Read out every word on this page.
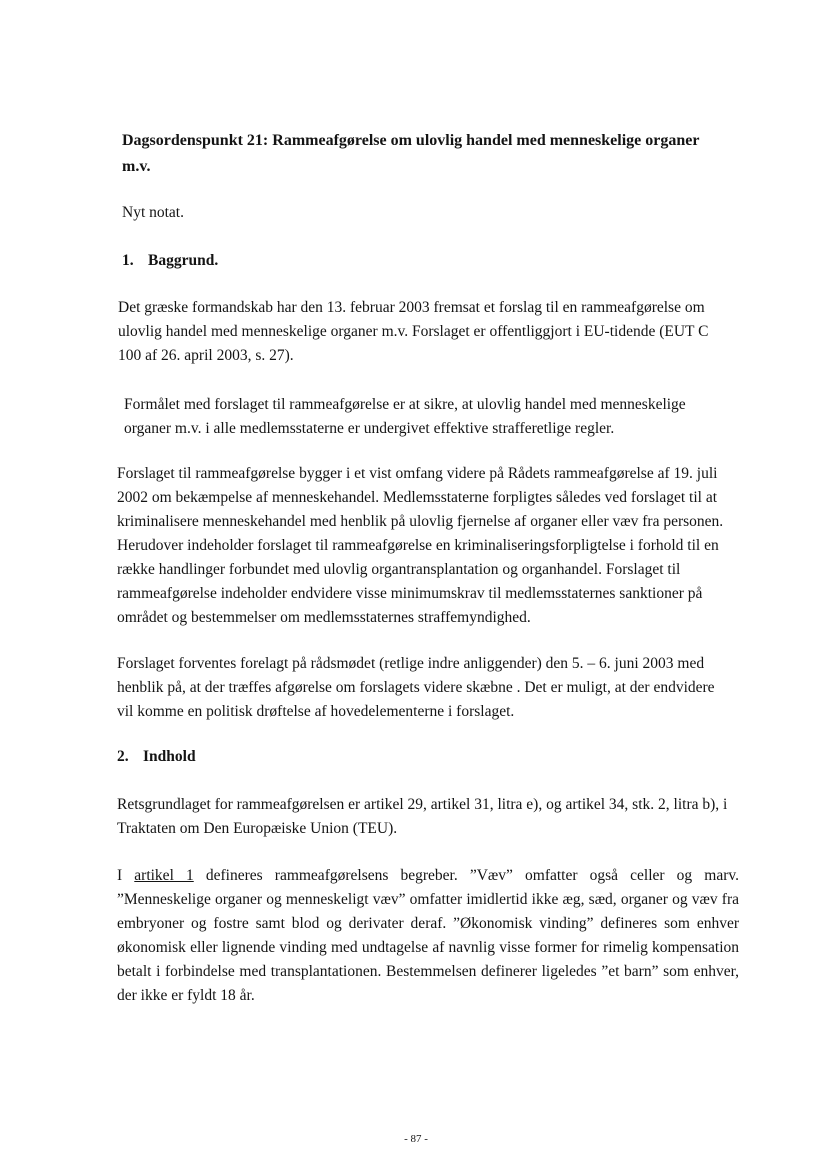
Dagsordenspunkt 21: Rammeafgørelse om ulovlig handel med menneskelige organer
m.v.

Nyt notat.

1. Baggrund.

Det græske formandskab har den 13. februar 2003 fremsat et forslag til en rammeafgørelse om ulovlig handel med menneskelige organer m.v. Forslaget er offentliggjort i EU-tidende (EUT C 100 af 26. april 2003, s. 27).

Formålet med forslaget til rammeafgørelse er at sikre, at ulovlig handel med menneskelige organer m.v. i alle medlemsstaterne er undergivet effektive strafferetlige regler.

Forslaget til rammeafgørelse bygger i et vist omfang videre på Rådets rammeafgørelse af 19. juli 2002 om bekæmpelse af menneskehandel. Medlemsstaterne forpligtes således ved forslaget til at kriminalisere menneskehandel med henblik på ulovlig fjernelse af organer eller væv fra personen. Herudover indeholder forslaget til rammeafgørelse en kriminaliseringsforpligtelse i forhold til en række handlinger forbundet med ulovlig organtransplantation og organhandel. Forslaget til rammeafgørelse indeholder endvidere visse minimumskrav til medlemsstaternes sanktioner på området og bestemmelser om medlemsstaternes straffemyndighed.

Forslaget forventes forelagt på rådsmødet (retlige indre anliggender) den 5. – 6. juni 2003 med henblik på, at der træffes afgørelse om forslagets videre skæbne . Det er muligt, at der endvidere vil komme en politisk drøftelse af hovedelementerne i forslaget.

2. Indhold

Retsgrundlaget for rammeafgørelsen er artikel 29, artikel 31, litra e), og artikel 34, stk. 2, litra b), i Traktaten om Den Europæiske Union (TEU).

I artikel 1 defineres rammeafgørelsens begreber. ”Væv” omfatter også celler og marv. ”Menneskelige organer og menneskeligt væv” omfatter imidlertid ikke æg, sæd, organer og væv fra embryoner og fostre samt blod og derivater deraf. ”Økonomisk vinding” defineres som enhver økonomisk eller lignende vinding med undtagelse af navnlig visse former for rimelig kompensation betalt i forbindelse med transplantationen. Bestemmelsen definerer ligeledes ”et barn” som enhver, der ikke er fyldt 18 år.

- 87 -
